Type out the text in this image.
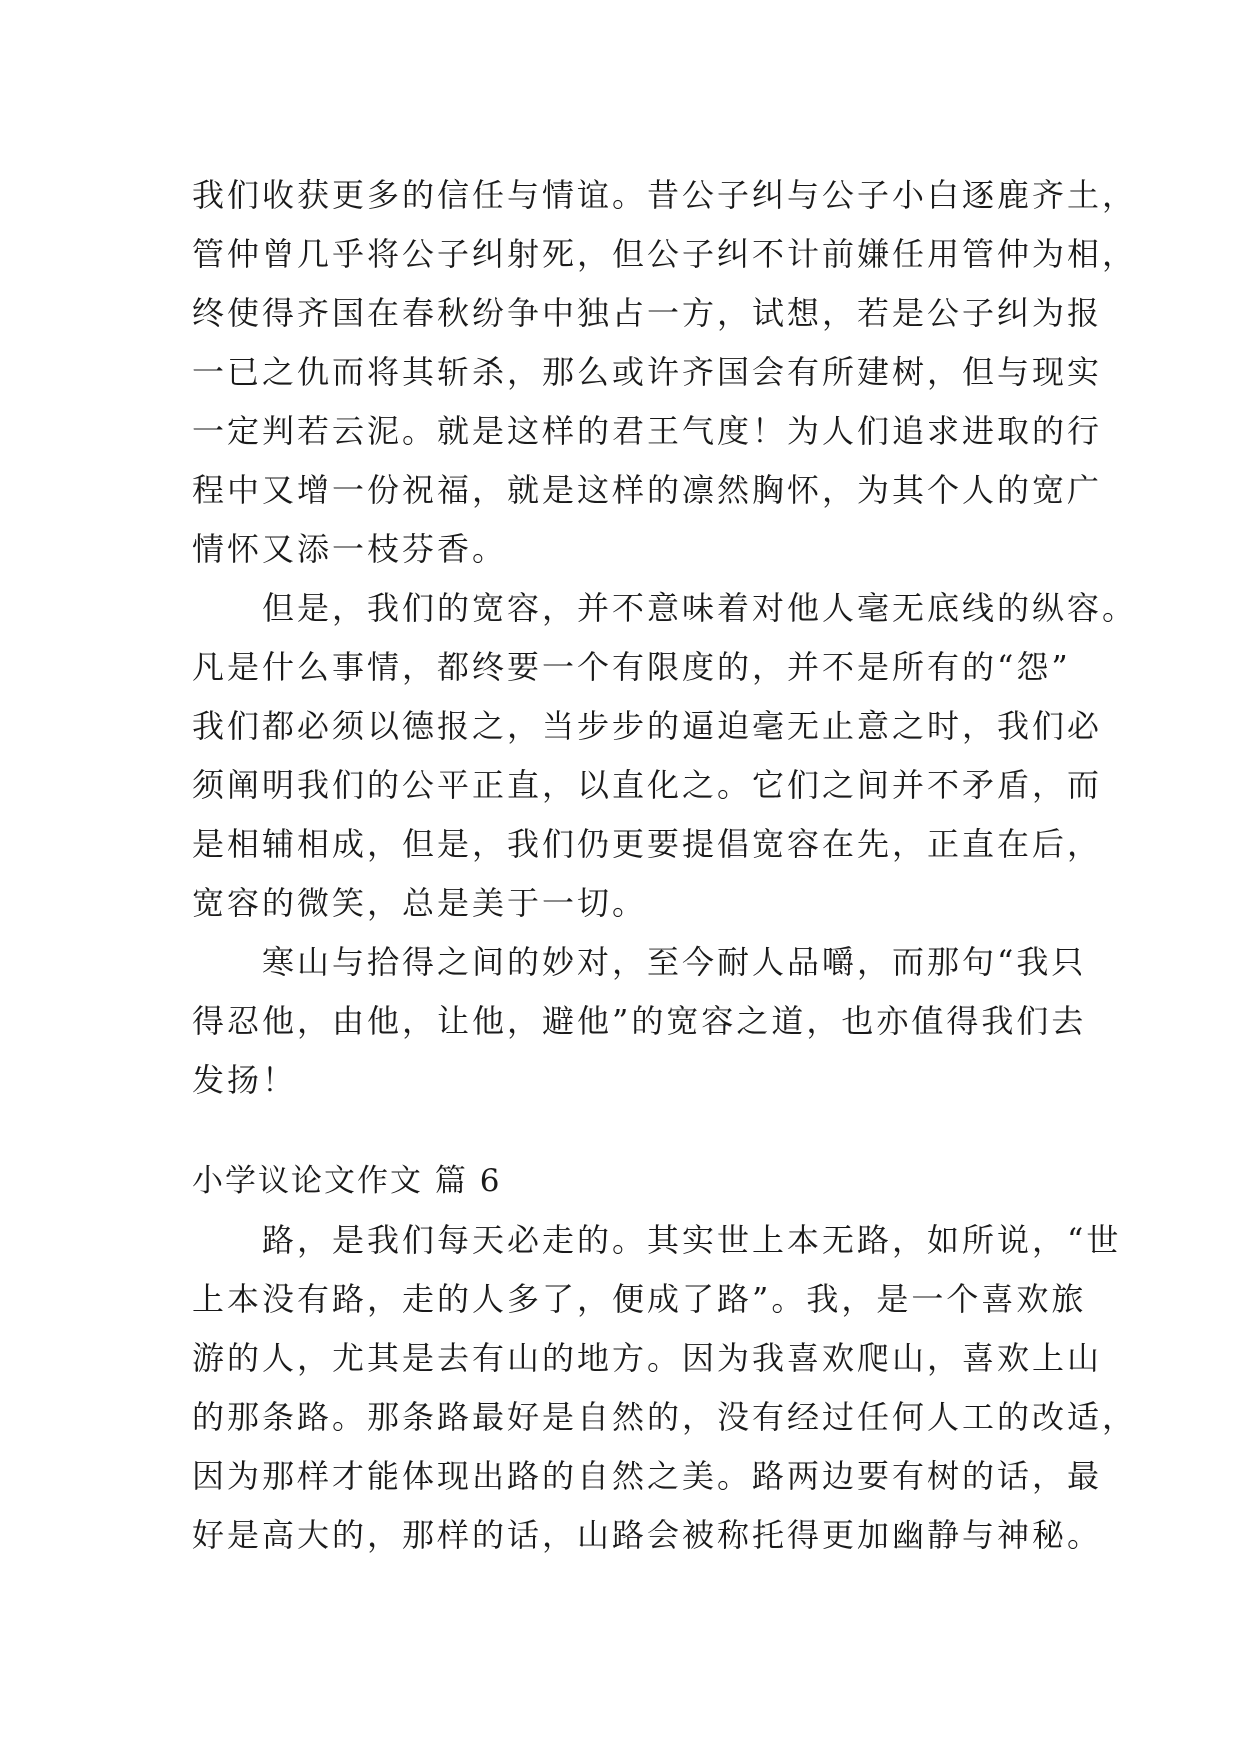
我们收获更多的信任与情谊。昔公子纠与公子小白逐鹿齐土，
管仲曾几乎将公子纠射死，但公子纠不计前嫌任用管仲为相，
终使得齐国在春秋纷争中独占一方，试想，若是公子纠为报
一已之仇而将其斩杀，那么或许齐国会有所建树，但与现实
一定判若云泥。就是这样的君王气度！为人们追求进取的行
程中又增一份祝福，就是这样的凛然胸怀，为其个人的宽广
情怀又添一枝芬香。
　　但是，我们的宽容，并不意味着对他人毫无底线的纵容。
凡是什么事情，都终要一个有限度的，并不是所有的“怨”
我们都必须以德报之，当步步的逼迫毫无止意之时，我们必
须阐明我们的公平正直，以直化之。它们之间并不矛盾，而
是相辅相成，但是，我们仍更要提倡宽容在先，正直在后，
宽容的微笑，总是美于一切。
　　寒山与拾得之间的妙对，至今耐人品嚼，而那句“我只
得忍他，由他，让他，避他”的宽容之道，也亦值得我们去
发扬！
小学议论文作文 篇 6
　　路，是我们每天必走的。其实世上本无路，如所说，“世
上本没有路，走的人多了，便成了路”。我，是一个喜欢旅
游的人，尤其是去有山的地方。因为我喜欢爬山，喜欢上山
的那条路。那条路最好是自然的，没有经过任何人工的改适，
因为那样才能体现出路的自然之美。路两边要有树的话，最
好是高大的，那样的话，山路会被称托得更加幽静与神秘。
